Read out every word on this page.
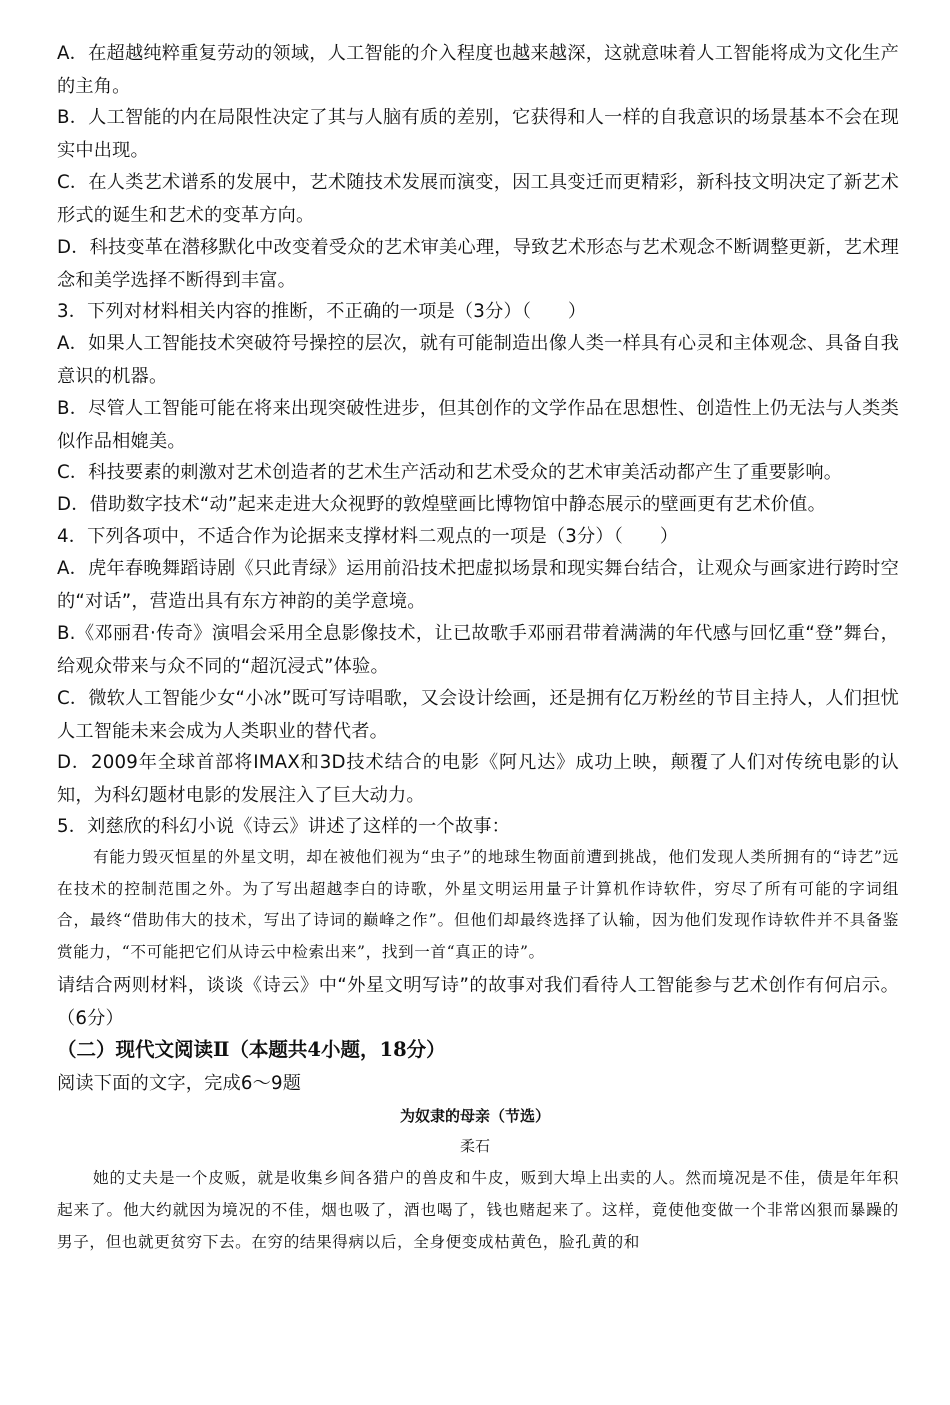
A．在超越纯粹重复劳动的领域，人工智能的介入程度也越来越深，这就意味着人工智能将成为文化生产的主角。

B．人工智能的内在局限性决定了其与人脑有质的差别，它获得和人一样的自我意识的场景基本不会在现实中出现。

C．在人类艺术谱系的发展中，艺术随技术发展而演变，因工具变迁而更精彩，新科技文明决定了新艺术形式的诞生和艺术的变革方向。

D．科技变革在潜移默化中改变着受众的艺术审美心理，导致艺术形态与艺术观念不断调整更新，艺术理念和美学选择不断得到丰富。

3．下列对材料相关内容的推断，不正确的一项是（3分）（　　）

A．如果人工智能技术突破符号操控的层次，就有可能制造出像人类一样具有心灵和主体观念、具备自我意识的机器。

B．尽管人工智能可能在将来出现突破性进步，但其创作的文学作品在思想性、创造性上仍无法与人类类似作品相媲美。

C．科技要素的刺激对艺术创造者的艺术生产活动和艺术受众的艺术审美活动都产生了重要影响。

D．借助数字技术“动”起来走进大众视野的敦煌壁画比博物馆中静态展示的壁画更有艺术价值。

4．下列各项中，不适合作为论据来支撑材料二观点的一项是（3分）（　　）

A．虎年春晚舞蹈诗剧《只此青绿》运用前沿技术把虚拟场景和现实舞台结合，让观众与画家进行跨时空的“对话”，营造出具有东方神韵的美学意境。

B.《邓丽君·传奇》演唱会采用全息影像技术，让已故歌手邓丽君带着满满的年代感与回忆重“登”舞台，给观众带来与众不同的“超沉浸式”体验。

C．微软人工智能少女“小冰”既可写诗唱歌，又会设计绘画，还是拥有亿万粉丝的节目主持人，人们担忧人工智能未来会成为人类职业的替代者。

D．2009年全球首部将IMAX和3D技术结合的电影《阿凡达》成功上映，颠覆了人们对传统电影的认知，为科幻题材电影的发展注入了巨大动力。

5．刘慈欣的科幻小说《诗云》讲述了这样的一个故事：

有能力毁灭恒星的外星文明，却在被他们视为“虫子”的地球生物面前遭到挑战，他们发现人类所拥有的“诗艺”远在技术的控制范围之外。为了写出超越李白的诗歌，外星文明运用量子计算机作诗软件，穷尽了所有可能的字词组合，最终“借助伟大的技术，写出了诗词的巅峰之作”。但他们却最终选择了认输，因为他们发现作诗软件并不具备鉴赏能力，“不可能把它们从诗云中检索出来”，找到一首“真正的诗”。

请结合两则材料，谈谈《诗云》中“外星文明写诗”的故事对我们看待人工智能参与艺术创作有何启示。（6分）

（二）现代文阅读Ⅱ（本题共4小题，18分）

阅读下面的文字，完成6～9题

为奴隶的母亲（节选）

柔石

她的丈夫是一个皮贩，就是收集乡间各猎户的兽皮和牛皮，贩到大埠上出卖的人。然而境况是不佳，债是年年积起来了。他大约就因为境况的不佳，烟也吸了，酒也喝了，钱也赌起来了。这样，竟使他变做一个非常凶狠而暴躁的男子，但也就更贫穷下去。在穷的结果得病以后，全身便变成枯黄色，脸孔黄的和
